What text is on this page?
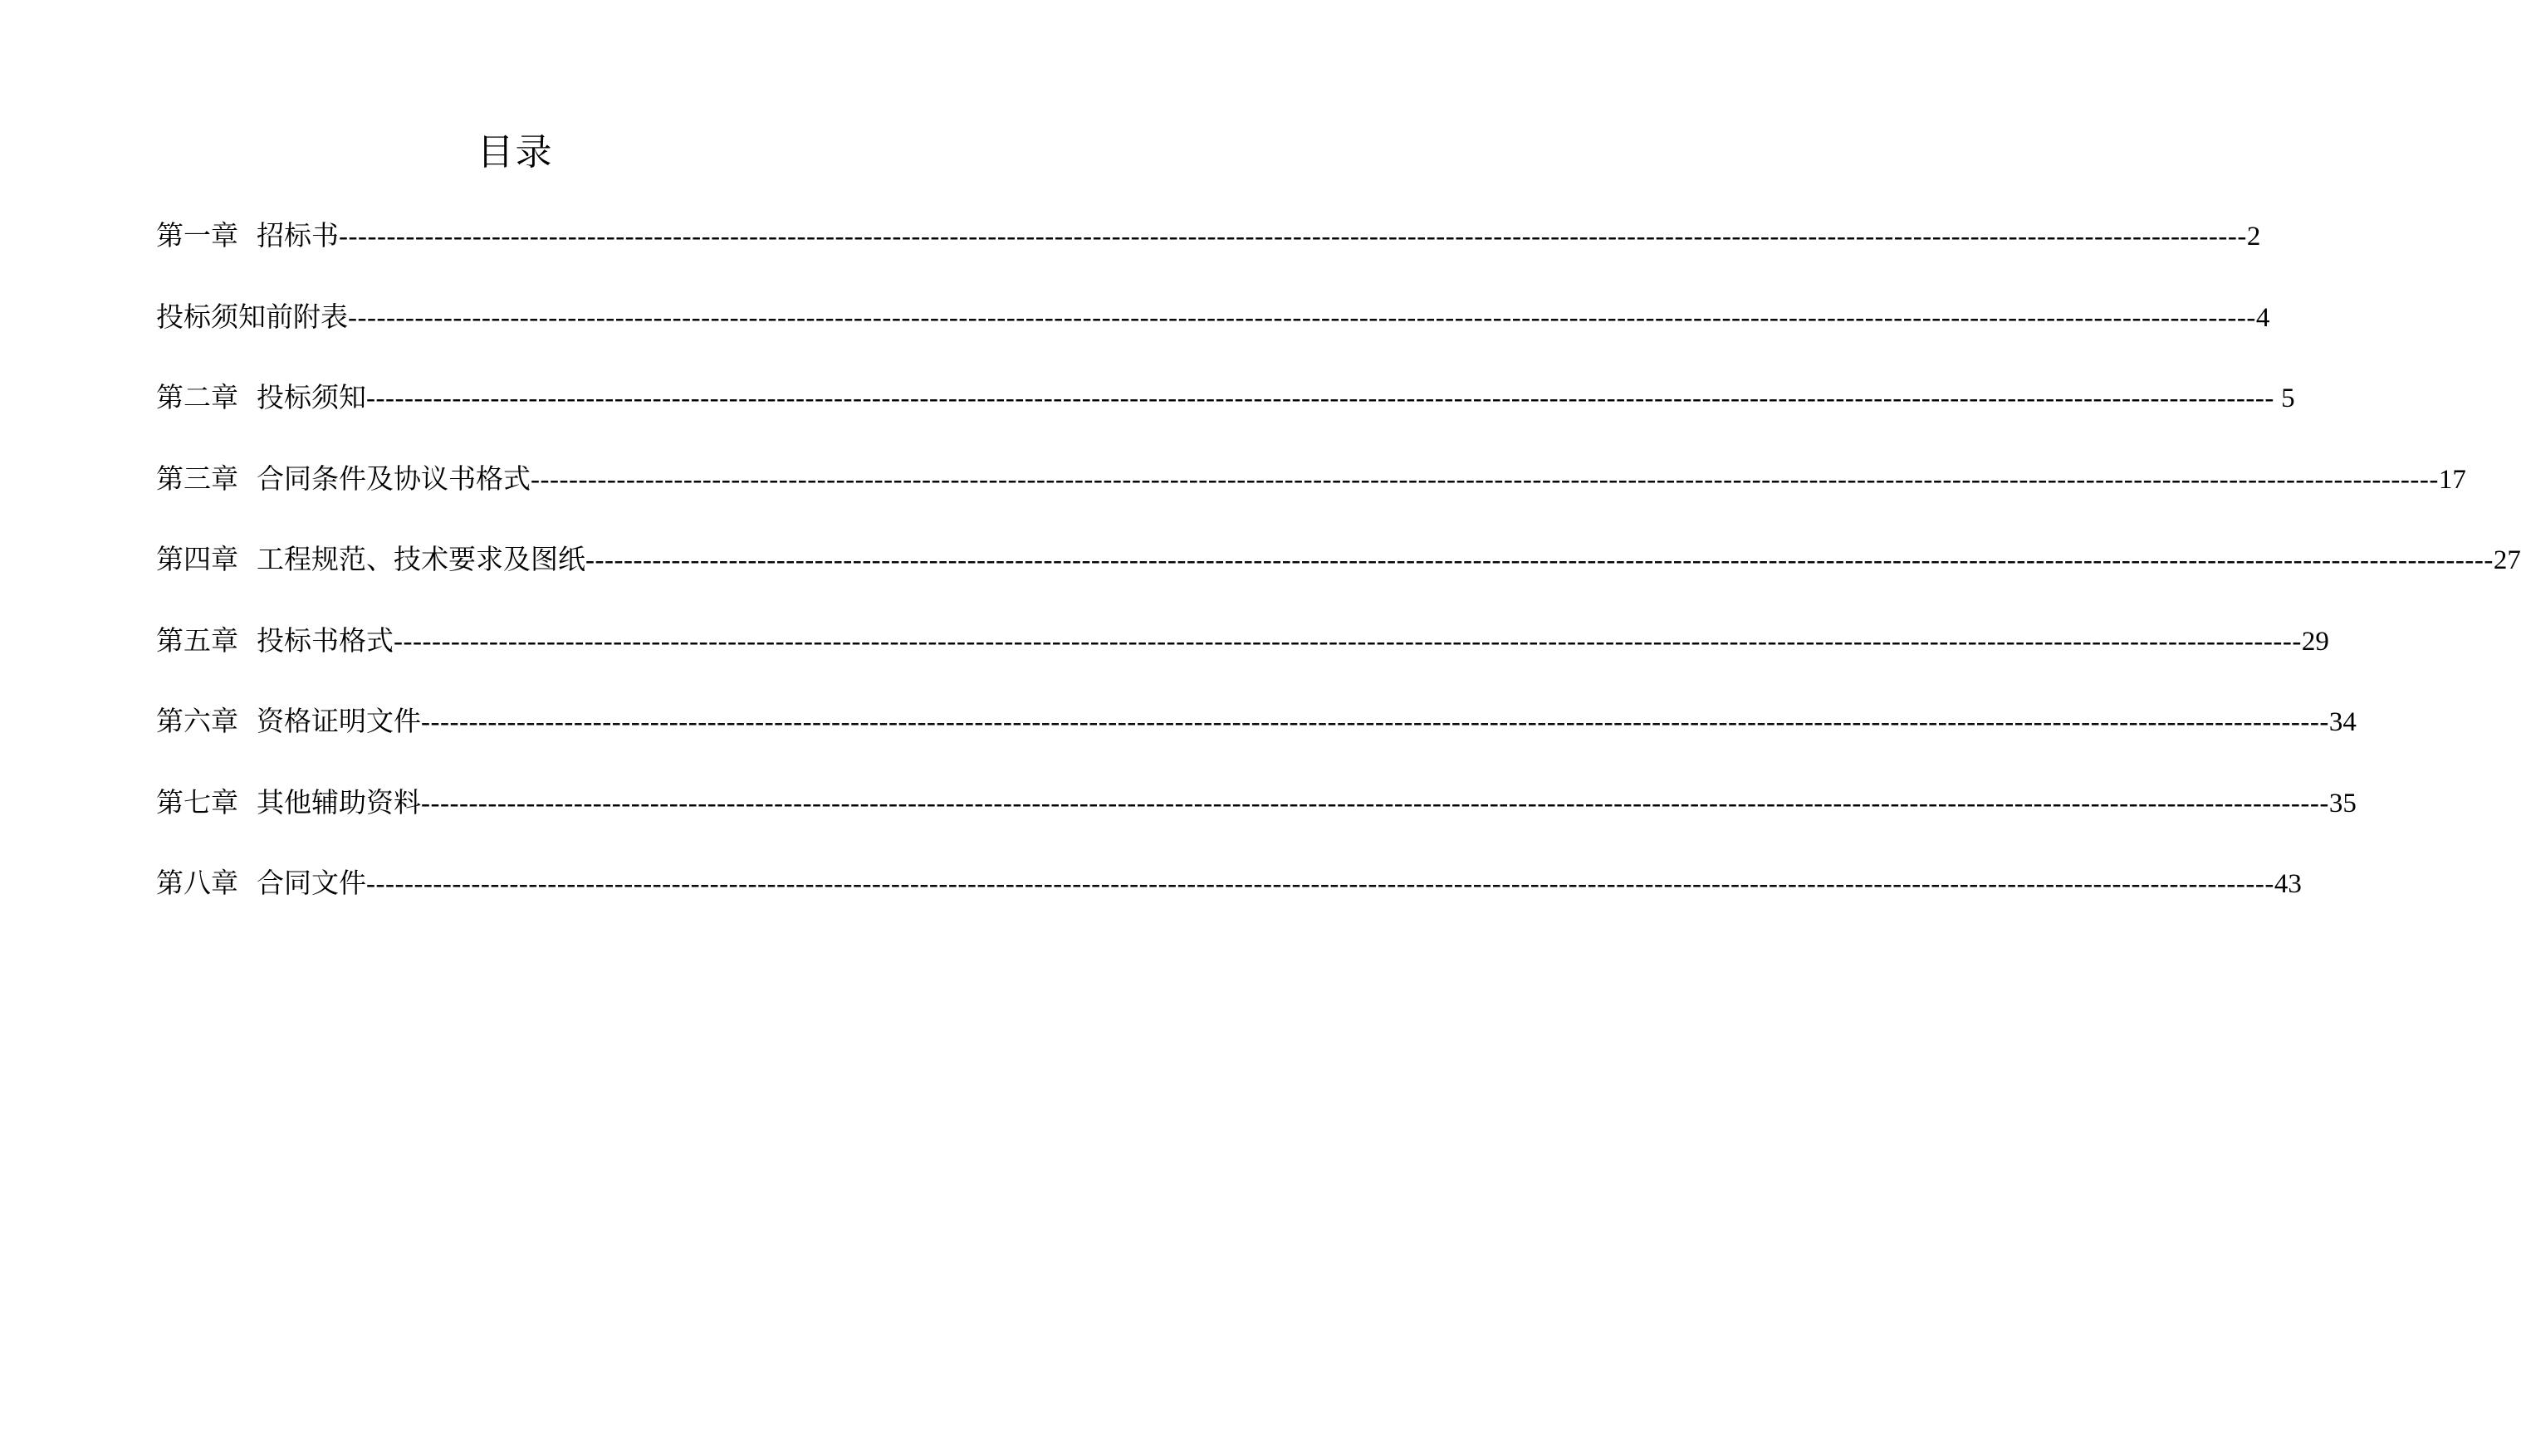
目录
第一章 招标书 -------------------------------------------------------------------------------------------------------------------------------------------------------------------------------------------------------- 2
投标须知前附表 -------------------------------------------------------------------------------------------------------------------------------------------------------------------------------------------------------- 4
第二章 投标须知 -------------------------------------------------------------------------------------------------------------------------------------------------------------------------------------------------------- 5
第三章 合同条件及协议书格式 -------------------------------------------------------------------------------------------------------------------------------------------------------------------------------------------------------- 17
第四章 工程规范、技术要求及图纸 -------------------------------------------------------------------------------------------------------------------------------------------------------------------------------------------------------- 27
第五章 投标书格式 -------------------------------------------------------------------------------------------------------------------------------------------------------------------------------------------------------- 29
第六章 资格证明文件 -------------------------------------------------------------------------------------------------------------------------------------------------------------------------------------------------------- 34
第七章 其他辅助资料 -------------------------------------------------------------------------------------------------------------------------------------------------------------------------------------------------------- 35
第八章 合同文件 -------------------------------------------------------------------------------------------------------------------------------------------------------------------------------------------------------- 43
